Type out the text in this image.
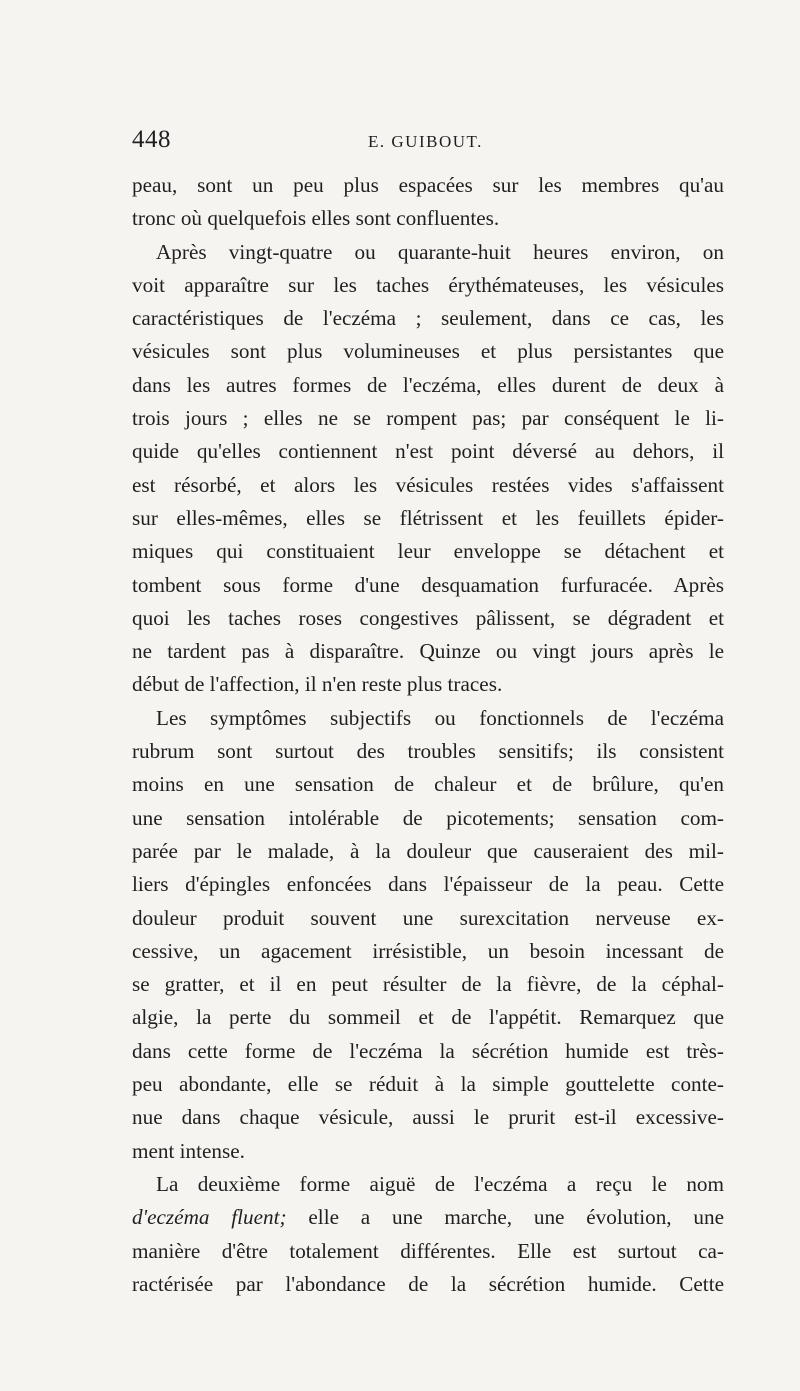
448	E. GUIBOUT.
peau, sont un peu plus espacées sur les membres qu'au
tronc où quelquefois elles sont confluentes.
Après vingt-quatre ou quarante-huit heures environ, on
voit apparaître sur les taches érythémateuses, les vésicules
caractéristiques de l'eczéma ; seulement, dans ce cas, les
vésicules sont plus volumineuses et plus persistantes que
dans les autres formes de l'eczéma, elles durent de deux à
trois jours ; elles ne se rompent pas; par conséquent le li-
quide qu'elles contiennent n'est point déversé au dehors, il
est résorbé, et alors les vésicules restées vides s'affaissent
sur elles-mêmes, elles se flétrissent et les feuillets épider-
miques qui constituaient leur enveloppe se détachent et
tombent sous forme d'une desquamation furfuracée. Après
quoi les taches roses congestives pâlissent, se dégradent et
ne tardent pas à disparaître. Quinze ou vingt jours après le
début de l'affection, il n'en reste plus traces.
Les symptômes subjectifs ou fonctionnels de l'eczéma
rubrum sont surtout des troubles sensitifs; ils consistent
moins en une sensation de chaleur et de brûlure, qu'en
une sensation intolérable de picotements; sensation com-
parée par le malade, à la douleur que causeraient des mil-
liers d'épingles enfoncées dans l'épaisseur de la peau. Cette
douleur produit souvent une surexcitation nerveuse ex-
cessive, un agacement irrésistible, un besoin incessant de
se gratter, et il en peut résulter de la fièvre, de la céphal-
algie, la perte du sommeil et de l'appétit. Remarquez que
dans cette forme de l'eczéma la sécrétion humide est très-
peu abondante, elle se réduit à la simple gouttelette conte-
nue dans chaque vésicule, aussi le prurit est-il excessive-
ment intense.
La deuxième forme aiguë de l'eczéma a reçu le nom
d'eczéma fluent; elle a une marche, une évolution, une
manière d'être totalement différentes. Elle est surtout ca-
ractérisée par l'abondance de la sécrétion humide. Cette
